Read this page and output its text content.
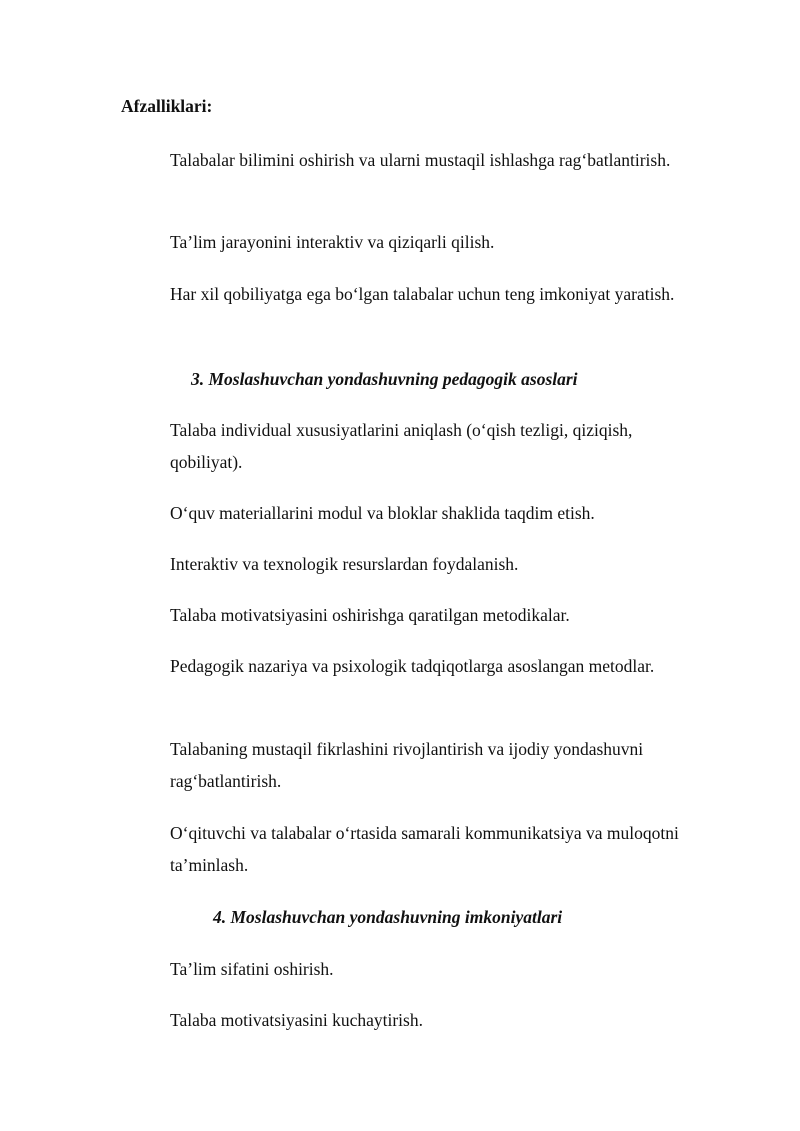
Afzalliklari:

Talabalar bilimini oshirish va ularni mustaqil ishlashga rag‘batlantirish.

Ta’lim jarayonini interaktiv va qiziqarli qilish.

Har xil qobiliyatga ega bo‘lgan talabalar uchun teng imkoniyat yaratish.

3. Moslashuvchan yondashuvning pedagogik asoslari

Talaba individual xususiyatlarini aniqlash (o‘qish tezligi, qiziqish, qobiliyat).

O‘quv materiallarini modul va bloklar shaklida taqdim etish.

Interaktiv va texnologik resurslardan foydalanish.

Talaba motivatsiyasini oshirishga qaratilgan metodikalar.

Pedagogik nazariya va psixologik tadqiqotlarga asoslangan metodlar.

Talabaning mustaqil fikrlashini rivojlantirish va ijodiy yondashuvni rag‘batlantirish.

O‘qituvchi va talabalar o‘rtasida samarali kommunikatsiya va muloqotni ta’minlash.

4. Moslashuvchan yondashuvning imkoniyatlari

Ta’lim sifatini oshirish.

Talaba motivatsiyasini kuchaytirish.
